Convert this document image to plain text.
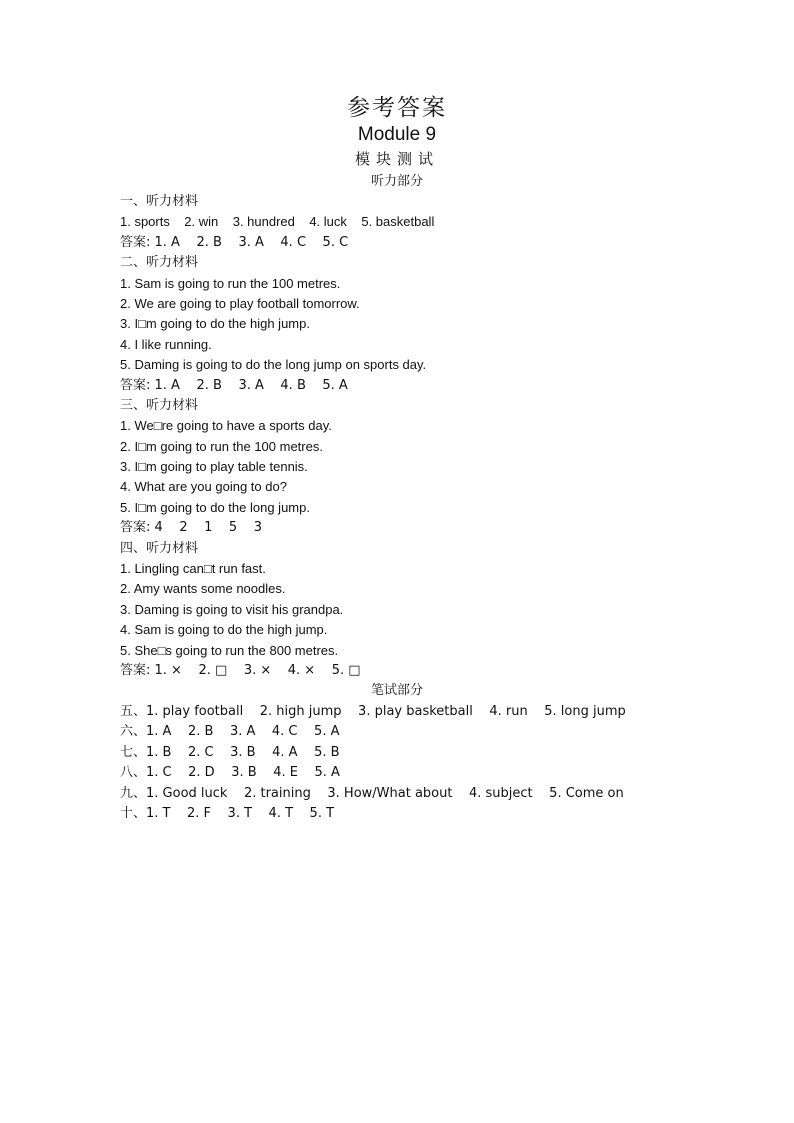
参考答案
Module 9
模块测试
听力部分
一、听力材料
1. sports    2. win    3. hundred    4. luck    5. basketball
答案: 1. A    2. B    3. A    4. C    5. C
二、听力材料
1. Sam is going to run the 100 metres.
2. We are going to play football tomorrow.
3. I□m going to do the high jump.
4. I like running.
5. Daming is going to do the long jump on sports day.
答案: 1. A    2. B    3. A    4. B    5. A
三、听力材料
1. We□re going to have a sports day.
2. I□m going to run the 100 metres.
3. I□m going to play table tennis.
4. What are you going to do?
5. I□m going to do the long jump.
答案: 4    2    1    5    3
四、听力材料
1. Lingling can□t run fast.
2. Amy wants some noodles.
3. Daming is going to visit his grandpa.
4. Sam is going to do the high jump.
5. She□s going to run the 800 metres.
答案: 1. ×    2. □    3. ×    4. ×    5. □
笔试部分
五、1. play football    2. high jump    3. play basketball    4. run    5. long jump
六、1. A    2. B    3. A    4. C    5. A
七、1. B    2. C    3. B    4. A    5. B
八、1. C    2. D    3. B    4. E    5. A
九、1. Good luck    2. training    3. How/What about    4. subject    5. Come on
十、1. T    2. F    3. T    4. T    5. T
